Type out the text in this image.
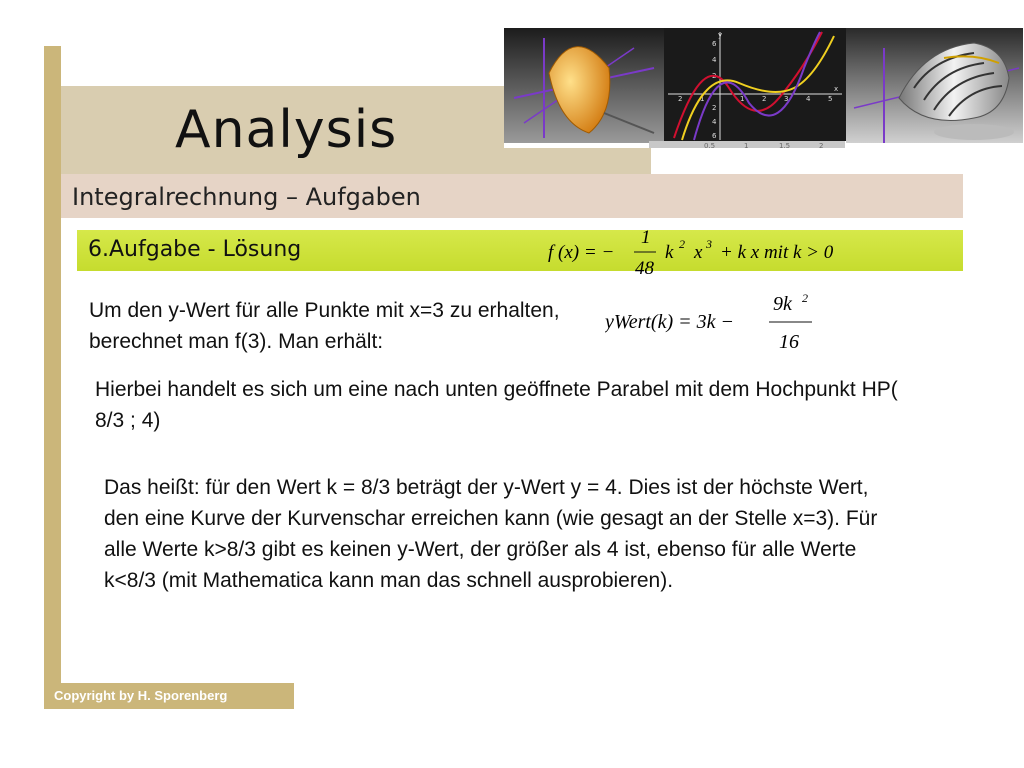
y
x
6
4
2
2
4
6
2	1	1	2	3	4	5
0.5	1	1.5	2
Analysis
Integralrechnung – Aufgaben
6.Aufgabe - Lösung	f (x) = −
1
48
k 2 x 3 + k x mit k > 0
yWert(k) = 3k −
9k 2
16
Um den y-Wert für alle Punkte mit x=3 zu erhalten, berechnet man f(3). Man erhält:
Hierbei handelt es sich um eine nach unten geöffnete Parabel mit dem Hochpunkt HP( 8/3 ; 4)
Das heißt: für den Wert k = 8/3 beträgt der y-Wert y = 4. Dies ist der höchste Wert, den eine Kurve der Kurvenschar erreichen kann (wie gesagt an der Stelle x=3). Für alle Werte k>8/3 gibt es keinen y-Wert, der größer als 4 ist, ebenso für alle Werte k<8/3 (mit Mathematica kann man das schnell ausprobieren).
Copyright by H. Sporenberg
